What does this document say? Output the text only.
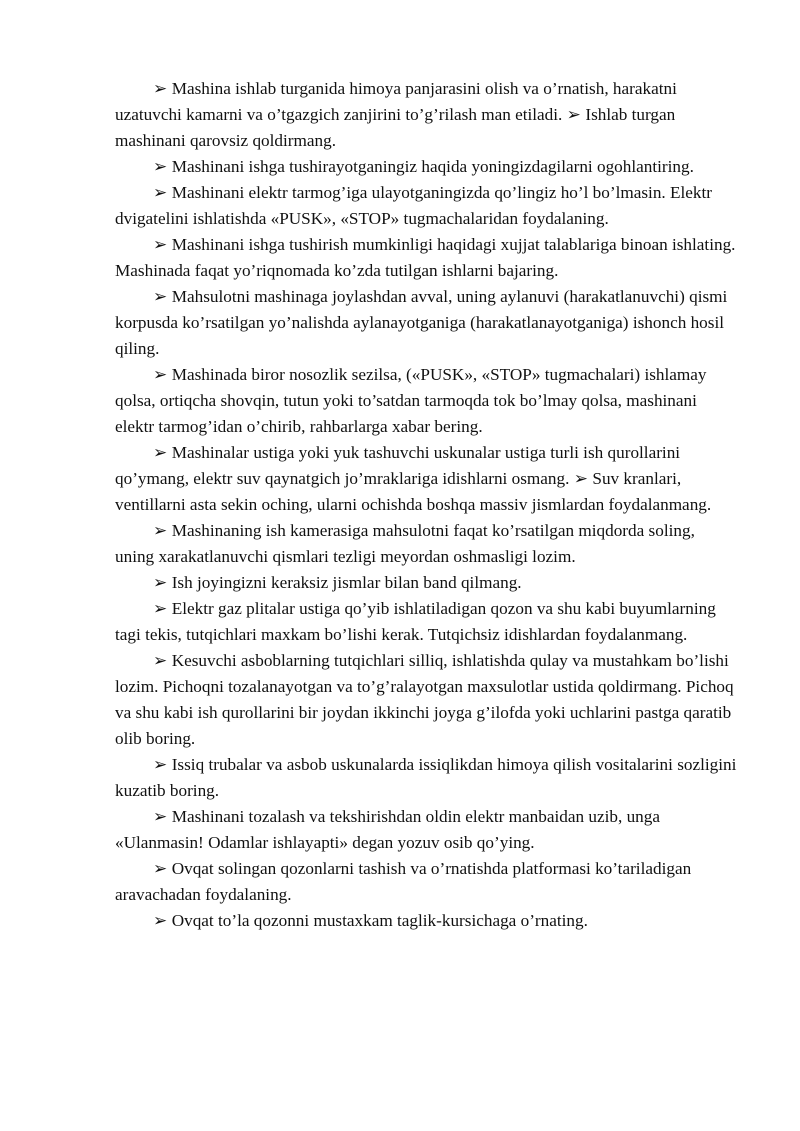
➢ Mashina ishlab turganida himoya panjarasini olish va o’rnatish, harakatni uzatuvchi kamarni va o’tgazgich zanjirini to’g’rilash man etiladi. ➢ Ishlab turgan mashinani qarovsiz qoldirmang.

➢ Mashinani ishga tushirayotganingiz haqida yoningizdagilarni ogohlantiring.

➢ Mashinani elektr tarmog’iga ulayotganingizda qo’lingiz ho’l bo’lmasin. Elektr dvigatelini ishlatishda «PUSK», «STOP» tugmachalaridan foydalaning.

➢ Mashinani ishga tushirish mumkinligi haqidagi xujjat talablariga binoan ishlating. Mashinada faqat yo’riqnomada ko’zda tutilgan ishlarni bajaring.

➢ Mahsulotni mashinaga joylashdan avval, uning aylanuvi (harakatlanuvchi) qismi korpusda ko’rsatilgan yo’nalishda aylanayotganiga (harakatlanayotganiga) ishonch hosil qiling.

➢ Mashinada biror nosozlik sezilsa, («PUSK», «STOP» tugmachalari) ishlamay qolsa, ortiqcha shovqin, tutun yoki to’satdan tarmoqda tok bo’lmay qolsa, mashinani elektr tarmog’idan o’chirib, rahbarlarga xabar bering.

➢ Mashinalar ustiga yoki yuk tashuvchi uskunalar ustiga turli ish qurollarini qo’ymang, elektr suv qaynatgich jo’mraklariga idishlarni osmang. ➢ Suv kranlari, ventillarni asta sekin oching, ularni ochishda boshqa massiv jismlardan foydalanmang.

➢ Mashinaning ish kamerasiga mahsulotni faqat ko’rsatilgan miqdorda soling, uning xarakatlanuvchi qismlari tezligi meyordan oshmasligi lozim.

➢ Ish joyingizni keraksiz jismlar bilan band qilmang.

➢ Elektr gaz plitalar ustiga qo’yib ishlatiladigan qozon va shu kabi buyumlarning tagi tekis, tutqichlari maxkam bo’lishi kerak. Tutqichsiz idishlardan foydalanmang.

➢ Kesuvchi asboblarning tutqichlari silliq, ishlatishda qulay va mustahkam bo’lishi lozim. Pichoqni tozalanayotgan va to’g’ralayotgan maxsulotlar ustida qoldirmang. Pichoq va shu kabi ish qurollarini bir joydan ikkinchi joyga g’ilofda yoki uchlarini pastga qaratib olib boring.

➢ Issiq trubalar va asbob uskunalarda issiqlikdan himoya qilish vositalarini sozligini kuzatib boring.

➢ Mashinani tozalash va tekshirishdan oldin elektr manbaidan uzib, unga «Ulanmasin! Odamlar ishlayapti» degan yozuv osib qo’ying.

➢ Ovqat solingan qozonlarni tashish va o’rnatishda platformasi ko’tariladigan aravachadan foydalaning.

➢ Ovqat to’la qozonni mustaxkam taglik-kursichaga o’rnating.
